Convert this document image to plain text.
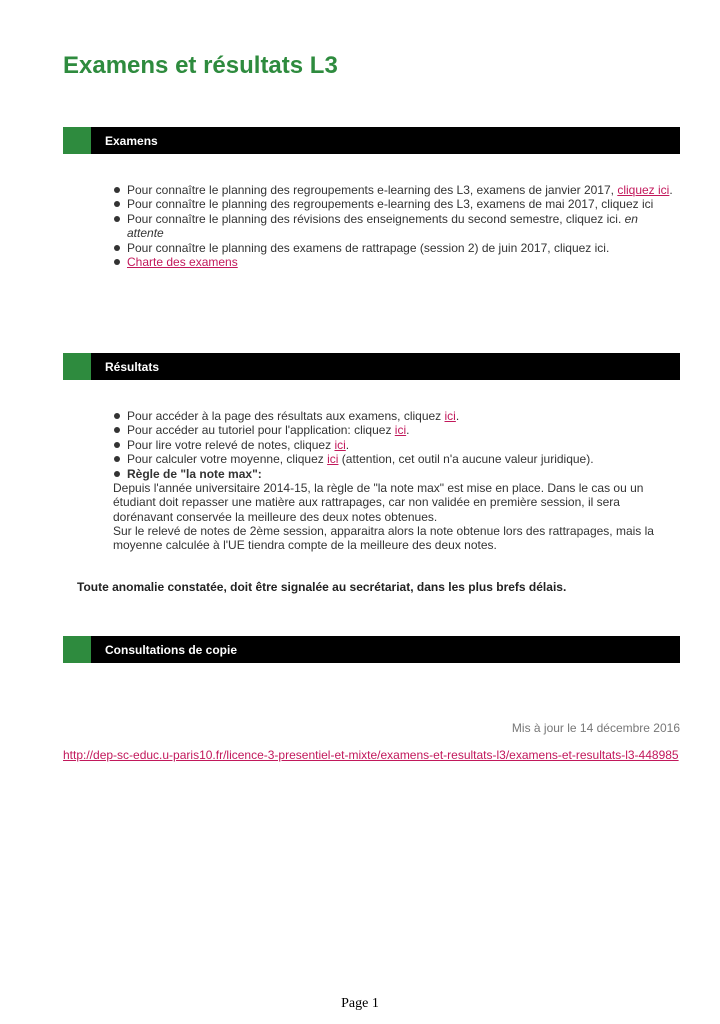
Examens et résultats L3
Examens
Pour connaître le planning des regroupements e-learning des L3, examens de janvier 2017, cliquez ici.
Pour connaître le planning des regroupements e-learning des L3, examens de mai 2017, cliquez ici
Pour connaître le planning des révisions des enseignements du second semestre, cliquez ici. en attente
Pour connaître le planning des examens de rattrapage (session 2) de juin 2017, cliquez ici.
Charte des examens
Résultats
Pour accéder à la page des résultats aux examens, cliquez ici.
Pour accéder au tutoriel pour l'application: cliquez ici.
Pour lire votre relevé de notes, cliquez ici.
Pour calculer votre moyenne, cliquez ici (attention, cet outil n'a aucune valeur juridique).
Règle de "la note max":
Depuis l'année universitaire 2014-15, la règle de "la note max" est mise en place. Dans le cas ou un étudiant doit repasser une matière aux rattrapages, car non validée en première session, il sera dorénavant conservée la meilleure des deux notes obtenues.
Sur le relevé de notes de 2ème session, apparaitra alors la note obtenue lors des rattrapages, mais la moyenne calculée à l'UE tiendra compte de la meilleure des deux notes.
Toute anomalie constatée, doit être signalée au secrétariat, dans les plus brefs délais.
Consultations de copie
Mis à jour le 14 décembre 2016
http://dep-sc-educ.u-paris10.fr/licence-3-presentiel-et-mixte/examens-et-resultats-l3/examens-et-resultats-l3-448985
Page 1
